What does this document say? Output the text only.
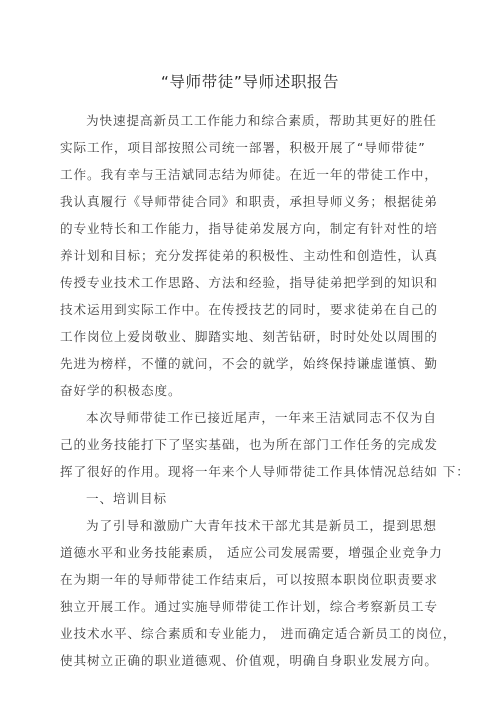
“导师带徒”导师述职报告
为快速提高新员工工作能力和综合素质，帮助其更好的胜任
实际工作，项目部按照公司统一部署，积极开展了“导师带徒”
工作。我有幸与王洁斌同志结为师徒。在近一年的带徒工作中，
我认真履行《导师带徒合同》和职责，承担导师义务；根据徒弟
的专业特长和工作能力，指导徒弟发展方向，制定有针对性的培
养计划和目标；充分发挥徒弟的积极性、主动性和创造性，认真
传授专业技术工作思路、方法和经验，指导徒弟把学到的知识和
技术运用到实际工作中。在传授技艺的同时，要求徒弟在自己的
工作岗位上爱岗敬业、脚踏实地、刻苦钻研，时时处处以周围的
先进为榜样，不懂的就问，不会的就学，始终保持谦虚谨慎、勤
奋好学的积极态度。
本次导师带徒工作已接近尾声，一年来王洁斌同志不仅为自
己的业务技能打下了坚实基础，也为所在部门工作任务的完成发
挥了很好的作用。现将一年来个人导师带徒工作具体情况总结如 下：
一、培训目标
为了引导和激励广大青年技术干部尤其是新员工，提到思想
道德水平和业务技能素质， 适应公司发展需要，增强企业竞争力
在为期一年的导师带徒工作结束后，可以按照本职岗位职责要求
独立开展工作。通过实施导师带徒工作计划，综合考察新员工专
业技术水平、综合素质和专业能力， 进而确定适合新员工的岗位，
使其树立正确的职业道德观、价值观，明确自身职业发展方向。
